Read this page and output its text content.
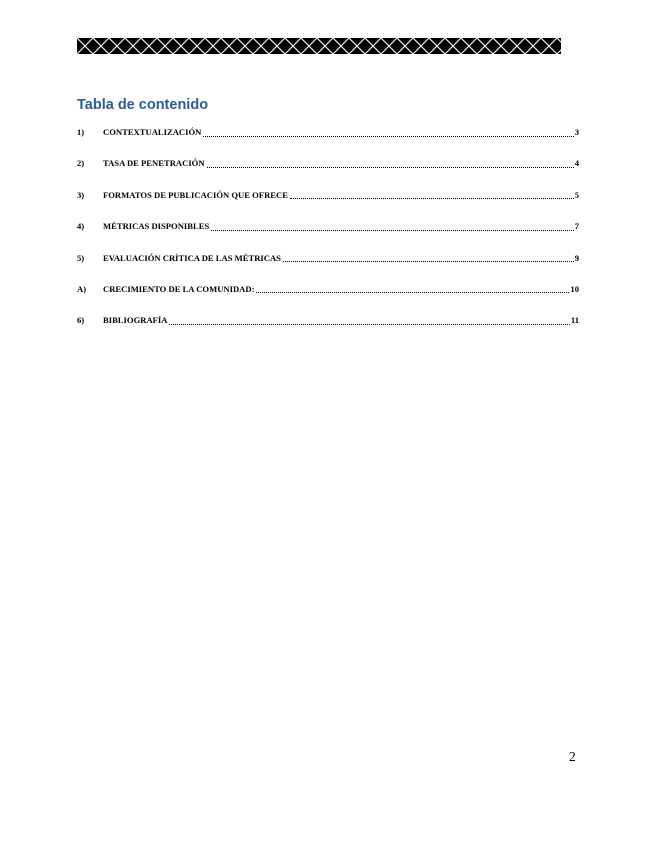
Tabla de contenido
1)	CONTEXTUALIZACIÓN	3
2)	TASA DE PENETRACIÓN	4
3)	FORMATOS DE PUBLICACIÓN QUE OFRECE	5
4)	MÉTRICAS DISPONIBLES	7
5)	EVALUACIÓN CRÍTICA DE LAS MÉTRICAS	9
A)	CRECIMIENTO DE LA COMUNIDAD:	10
6)	BIBLIOGRAFÍA	11
2
